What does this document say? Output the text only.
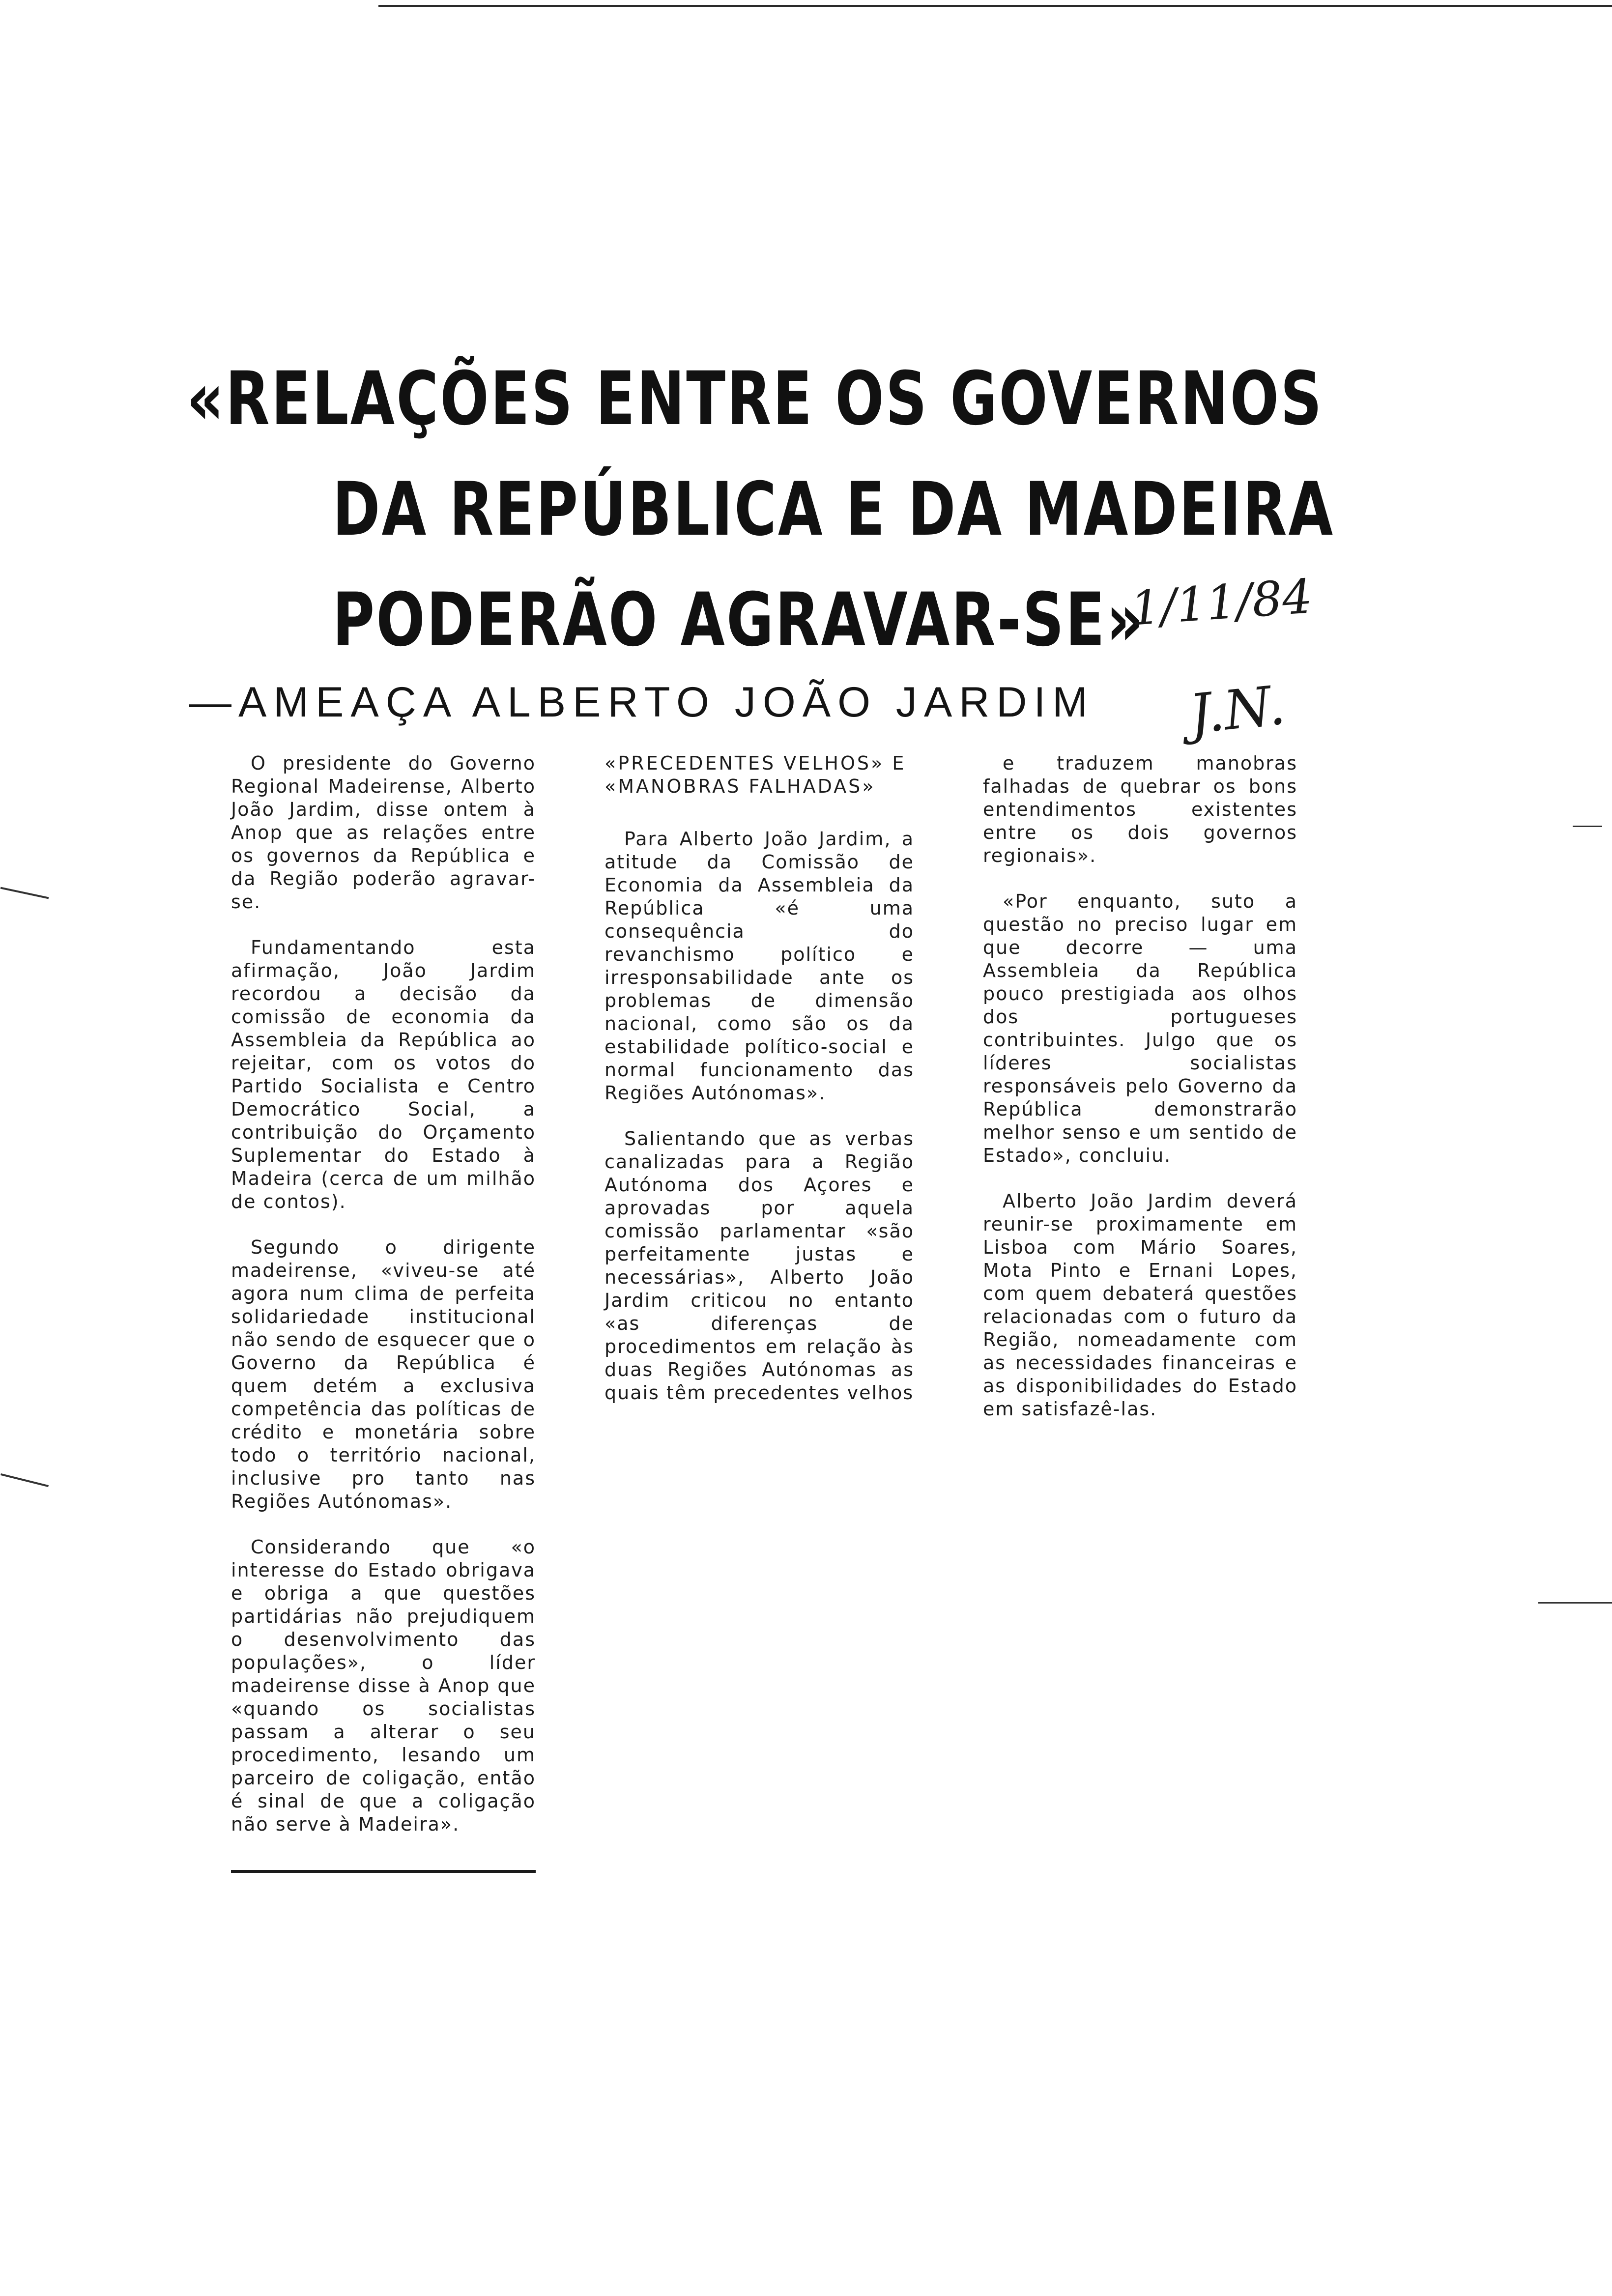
«RELAÇÕES ENTRE OS GOVERNOS
DA REPÚBLICA E DA MADEIRA
PODERÃO AGRAVAR-SE»
1/11/84
—AMEAÇA ALBERTO JOÃO JARDIM J.N.

O presidente do Governo Regional Madeirense, Alberto João Jardim, disse ontem à Anop que as relações entre os governos da República e da Região poderão agravar-se.

Fundamentando esta afirmação, João Jardim recordou a decisão da comissão de economia da Assembleia da República ao rejeitar, com os votos do Partido Socialista e Centro Democrático Social, a contribuição do Orçamento Suplementar do Estado à Madeira (cerca de um milhão de contos).

Segundo o dirigente madeirense, «viveu-se até agora num clima de perfeita solidariedade institucional não sendo de esquecer que o Governo da República é quem detém a exclusiva competência das políticas de crédito e monetária sobre todo o território nacional, inclusive pro tanto nas Regiões Autónomas».

Considerando que «o interesse do Estado obrigava e obriga a que questões partidárias não prejudiquem o desenvolvimento das populações», o líder madeirense disse à Anop que «quando os socialistas passam a alterar o seu procedimento, lesando um parceiro de coligação, então é sinal de que a coligação não serve à Madeira».

«PRECEDENTES VELHOS» E «MANOBRAS FALHADAS»

Para Alberto João Jardim, a atitude da Comissão de Economia da Assembleia da República «é uma consequência do revanchismo político e irresponsabilidade ante os problemas de dimensão nacional, como são os da estabilidade político-social e normal funcionamento das Regiões Autónomas».

Salientando que as verbas canalizadas para a Região Autónoma dos Açores e aprovadas por aquela comissão parlamentar «são perfeitamente justas e necessárias», Alberto João Jardim criticou no entanto «as diferenças de procedimentos em relação às duas Regiões Autónomas as quais têm precedentes velhos

e traduzem manobras falhadas de quebrar os bons entendimentos existentes entre os dois governos regionais».

«Por enquanto, suto a questão no preciso lugar em que decorre — uma Assembleia da República pouco prestigiada aos olhos dos portugueses contribuintes. Julgo que os líderes socialistas responsáveis pelo Governo da República demonstrarão melhor senso e um sentido de Estado», concluiu.

Alberto João Jardim deverá reunir-se proximamente em Lisboa com Mário Soares, Mota Pinto e Ernani Lopes, com quem debaterá questões relacionadas com o futuro da Região, nomeadamente com as necessidades financeiras e as disponibilidades do Estado em satisfazê-las.
